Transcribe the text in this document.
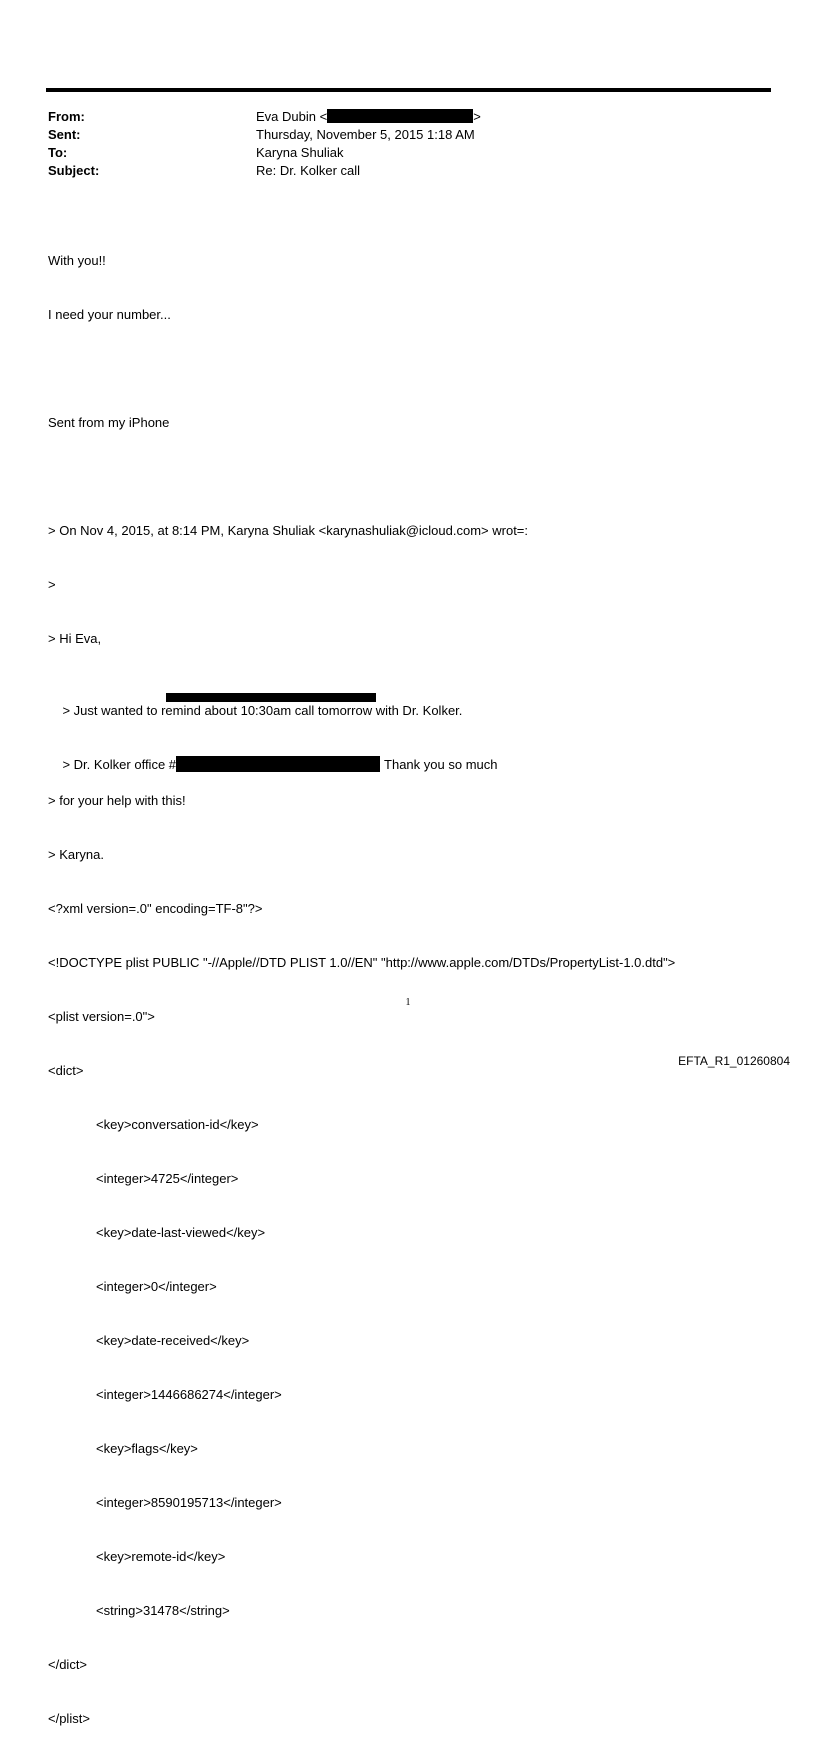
From:	Eva Dubin <	>
Sent:	Thursday, November 5, 2015 1:18 AM
To:	Karyna Shuliak
Subject:	Re: Dr. Kolker call

With you!!

I need your number...

Sent from my iPhone

> On Nov 4, 2015, at 8:14 PM, Karyna Shuliak <karynashuliak@icloud.com> wrot=:

>

> Hi Eva,

> Just wanted to remind about 10:30am call tomorrow with Dr. Kolker.

> Dr. Kolker office #	Thank you so much

> for your help with this!

> Karyna.

<?xml version=.0" encoding=TF-8"?>

<!DOCTYPE plist PUBLIC "-//Apple//DTD PLIST 1.0//EN" "http://www.apple.com/DTDs/PropertyList-1.0.dtd">

<plist version=.0">

<dict>

<key>conversation-id</key>

<integer>4725</integer>

<key>date-last-viewed</key>

<integer>0</integer>

<key>date-received</key>

<integer>1446686274</integer>

<key>flags</key>

<integer>8590195713</integer>

<key>remote-id</key>

<string>31478</string>

</dict>

</plist>

1
EFTA_R1_01260804
